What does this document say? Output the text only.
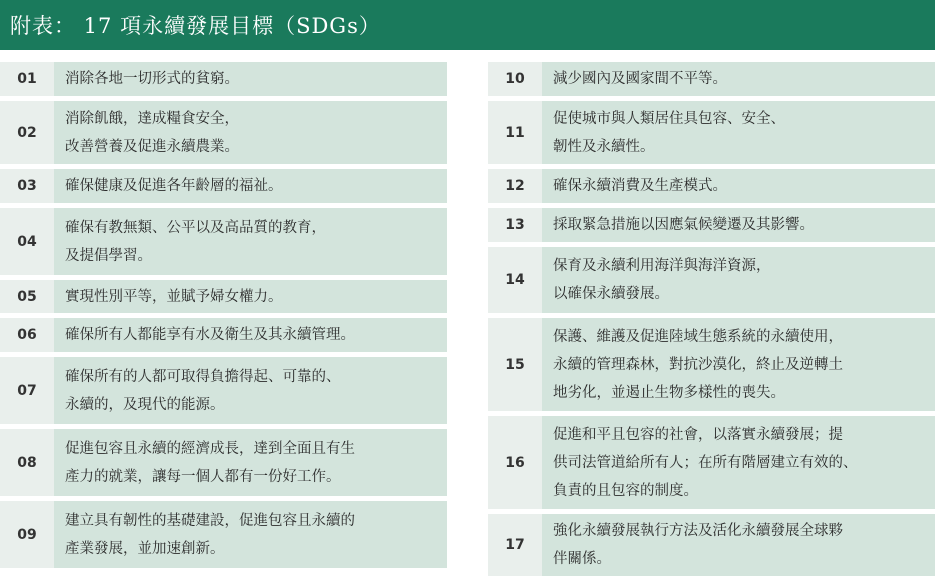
附表： 17 項永續發展目標（SDGs）
01	消除各地一切形式的貧窮。
02
消除飢餓，達成糧食安全，
改善營養及促進永續農業。
03	確保健康及促進各年齡層的福祉。
04
確保有教無類、公平以及高品質的教育，
及提倡學習。
05	實現性別平等，並賦予婦女權力。
06	確保所有人都能享有水及衛生及其永續管理。
07
確保所有的人都可取得負擔得起、可靠的、
永續的，及現代的能源。
08
促進包容且永續的經濟成長，達到全面且有生
產力的就業，讓每一個人都有一份好工作。
09
建立具有韌性的基礎建設，促進包容且永續的
產業發展，並加速創新。
10	減少國內及國家間不平等。
11
促使城市與人類居住具包容、安全、
韌性及永續性。
12	確保永續消費及生產模式。
13	採取緊急措施以因應氣候變遷及其影響。
14
保育及永續利用海洋與海洋資源，
以確保永續發展。
15
保護、維護及促進陸域生態系統的永續使用，
永續的管理森林，對抗沙漠化，終止及逆轉土
地劣化，並遏止生物多樣性的喪失。
16
促進和平且包容的社會，以落實永續發展；提
供司法管道給所有人；在所有階層建立有效的、
負責的且包容的制度。
17
強化永續發展執行方法及活化永續發展全球夥
伴關係。
